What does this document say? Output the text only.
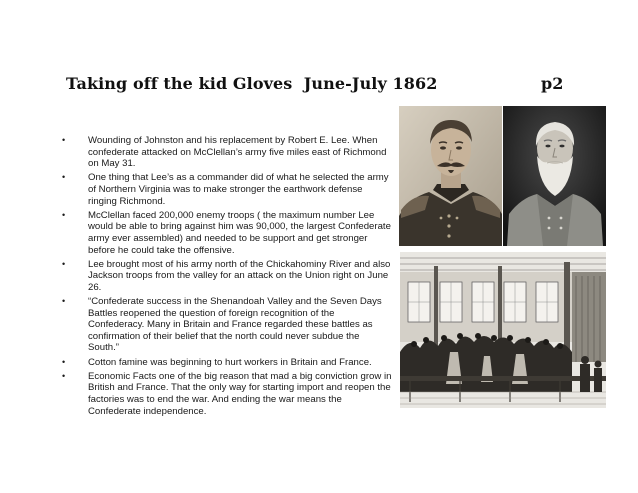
Taking off the kid Gloves  June-July 1862	p2
•	Wounding of Johnston and his replacement by Robert E. Lee. When confederate attacked on McClellan’s army five miles east of Richmond on May 31.
•	One thing that Lee’s as a commander did of what he selected the army of Northern Virginia was to make stronger the earthwork defense ringing Richmond.
•	McClellan faced 200,000 enemy troops ( the maximum number Lee would be able to bring against him was 90,000, the largest Confederate army ever assembled) and needed to be support and get stronger before he could take the offensive.
•	Lee brought most of his army north of the Chickahominy River and also Jackson troops from the valley for an attack on the Union right on June 26.
•	“Confederate success in the Shenandoah Valley and the Seven Days Battles reopened the question of foreign recognition of the Confederacy. Many in Britain and France regarded these battles as confirmation of their belief that the north could never subdue the South.”
•	Cotton famine was beginning to hurt workers in Britain and France.
•	Economic Facts one of the big reason that mad a big conviction grow in British and France. That the only way for starting import and reopen the factories was to end the war. And ending the war means the Confederate independence.
